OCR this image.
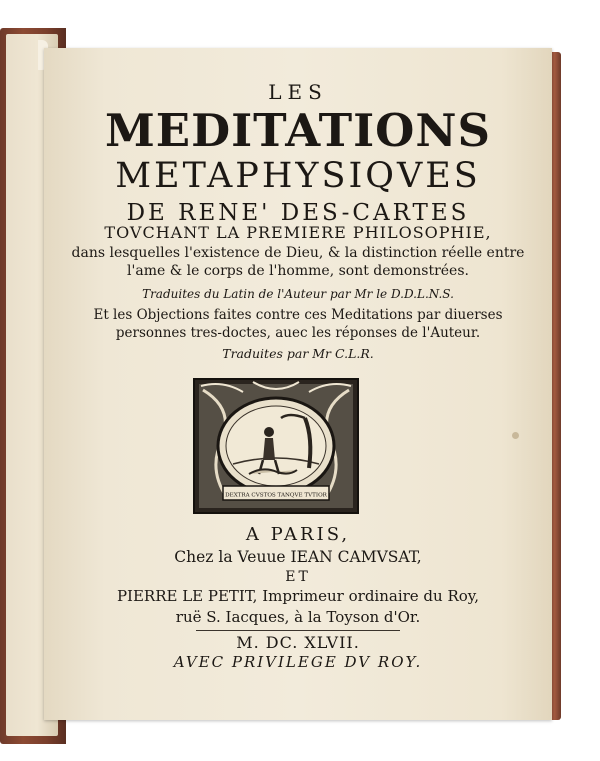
LES
MEDITATIONS
METAPHYSIQVES
DE RENE' DES-CARTES
TOVCHANT LA PREMIERE PHILOSOPHIE,
dans lesquelles l'existence de Dieu, & la distinction réelle entre
l'ame & le corps de l'homme, sont demonstrées.
Traduites du Latin de l'Auteur par Mr le D.D.L.N.S.
Et les Objections faites contre ces Meditations par diuerses
personnes tres-doctes, auec les réponses de l'Auteur.
Traduites par Mr C.L.R.
DEXTRA CVSTOS TANQVE TVTIOR
A PARIS,
Chez la Veuue IEAN CAMVSAT,
ET
PIERRE LE PETIT, Imprimeur ordinaire du Roy,
ruë S. Iacques, à la Toyson d'Or.
M. DC. XLVII.
AVEC PRIVILEGE DV ROY.
